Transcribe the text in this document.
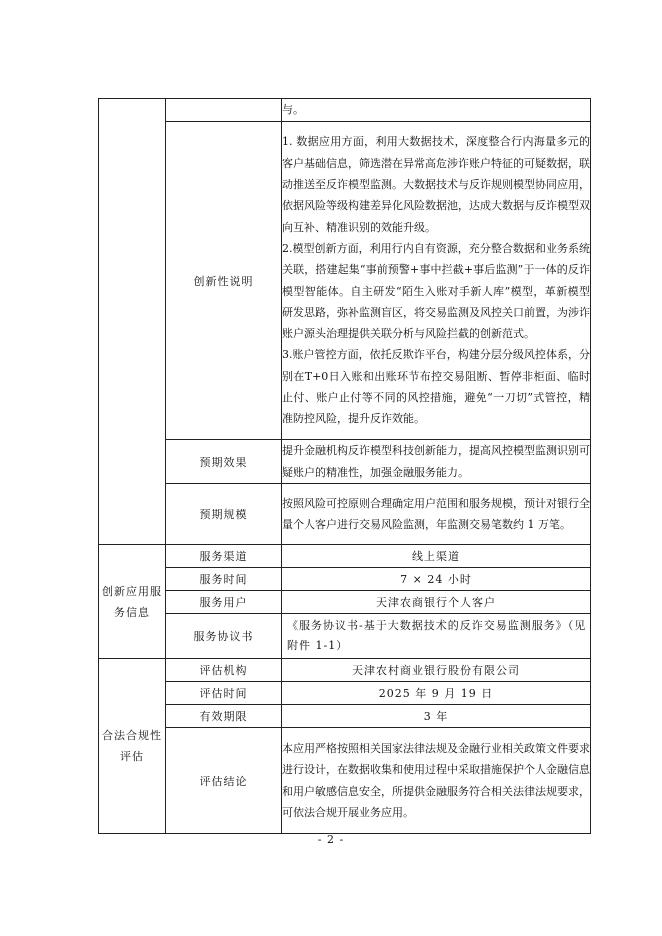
		与。
	创新性说明	1. 数据应用方面，利用大数据技术，深度整合行内海量多元的客户基础信息，筛选潜在异常高危涉诈账户特征的可疑数据，联动推送至反诈模型监测。大数据技术与反诈规则模型协同应用，依据风险等级构建差异化风险数据池，达成大数据与反诈模型双向互补、精准识别的效能升级。

2.模型创新方面，利用行内自有资源，充分整合数据和业务系统关联，搭建起集“事前预警+事中拦截+事后监测”于一体的反诈模型智能体。自主研发“陌生入账对手新人库”模型，革新模型研发思路，弥补监测盲区，将交易监测及风控关口前置，为涉诈账户源头治理提供关联分析与风险拦截的创新范式。

3.账户管控方面，依托反欺诈平台，构建分层分级风控体系，分别在T+0日入账和出账环节布控交易阻断、暂停非柜面、临时止付、账户止付等不同的风控措施，避免“一刀切”式管控，精准防控风险，提升反诈效能。

	预期效果	提升金融机构反诈模型科技创新能力，提高风控模型监测识别可疑账户的精准性，加强金融服务能力。
	预期规模	按照风险可控原则合理确定用户范围和服务规模，预计对银行全量个人客户进行交易风险监测，年监测交易笔数约 1 万笔。
创新应用服务信息	服务渠道	线上渠道
	服务时间	7 × 24 小时
	服务用户	天津农商银行个人客户
	服务协议书	《服务协议书-基于大数据技术的反诈交易监测服务》（见附件 1-1）
合法合规性评估	评估机构	天津农村商业银行股份有限公司
	评估时间	2025 年 9 月 19 日
	有效期限	3 年
	评估结论	本应用严格按照相关国家法律法规及金融行业相关政策文件要求进行设计，在数据收集和使用过程中采取措施保护个人金融信息和用户敏感信息安全，所提供金融服务符合相关法律法规要求，可依法合规开展业务应用。
- 2 -
